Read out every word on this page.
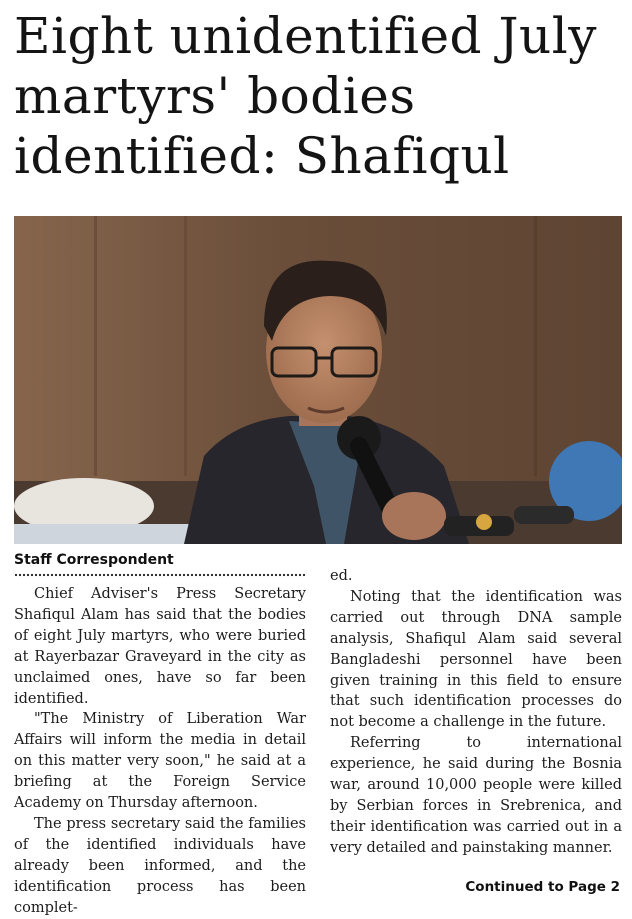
Eight unidentified July martyrs' bodies identified: Shafiqul
Staff Correspondent

Chief Adviser's Press Secretary Shafiqul Alam has said that the bodies of eight July martyrs, who were buried at Rayerbazar Graveyard in the city as unclaimed ones, have so far been identified.

"The Ministry of Liberation War Affairs will inform the media in detail on this matter very soon," he said at a briefing at the Foreign Service Academy on Thursday afternoon.

The press secretary said the families of the identified individuals have already been informed, and the identification process has been complet-

ed.

Noting that the identification was carried out through DNA sample analysis, Shafiqul Alam said several Bangladeshi personnel have been given training in this field to ensure that such identification processes do not become a challenge in the future.

Referring to international experience, he said during the Bosnia war, around 10,000 people were killed by Serbian forces in Srebrenica, and their identification was carried out in a very detailed and painstaking manner.

Continued to Page 2
